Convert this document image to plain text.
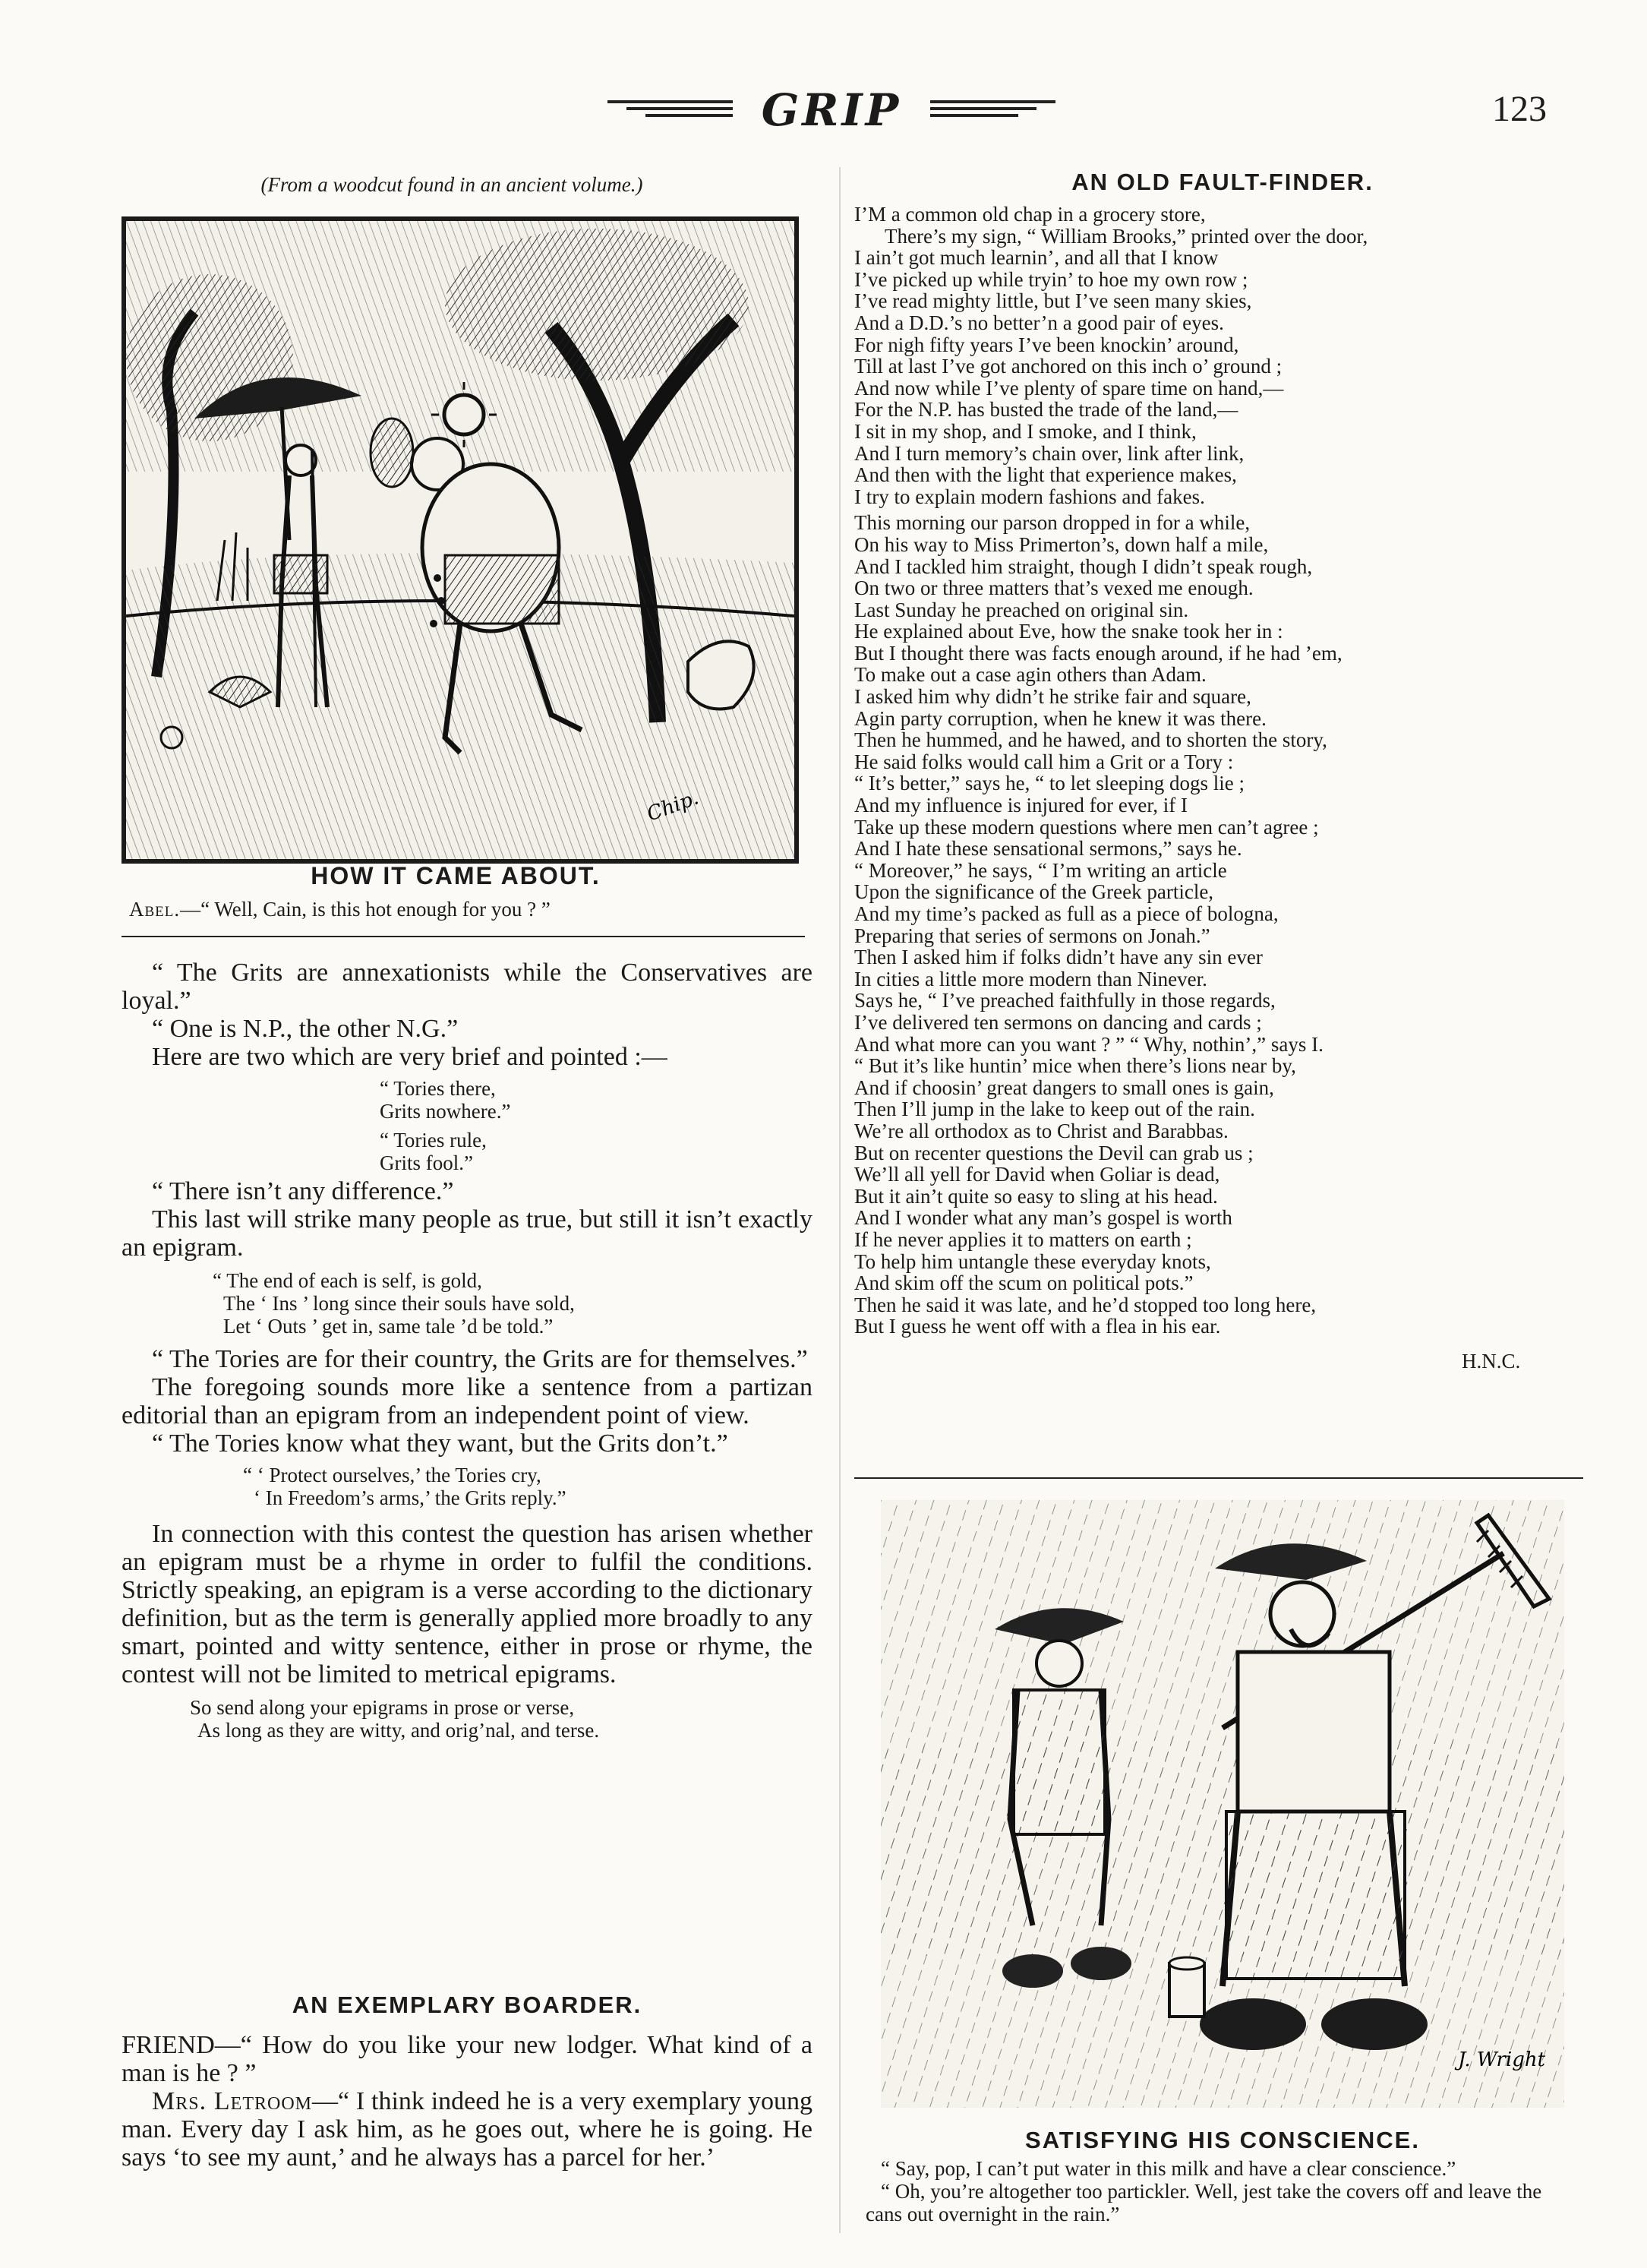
GRIP	123
(From a woodcut found in an ancient volume.)
Chip.
HOW IT CAME ABOUT.
Abel.—“ Well, Cain, is this hot enough for you ? ”
“ The Grits are annexationists while the Conservatives are loyal.”
“ One is N.P., the other N.G.”
Here are two which are very brief and pointed :—
“ Tories there,
Grits nowhere.”
“ Tories rule,
Grits fool.”
“ There isn’t any difference.”
This last will strike many people as true, but still it isn’t exactly an epigram.
“ The end of each is self, is gold,
The ‘ Ins ’ long since their souls have sold,
Let ‘ Outs ’ get in, same tale ’d be told.”
“ The Tories are for their country, the Grits are for themselves.”
The foregoing sounds more like a sentence from a partizan editorial than an epigram from an independent point of view.
“ The Tories know what they want, but the Grits don’t.”
“ ‘ Protect ourselves,’ the Tories cry,
‘ In Freedom’s arms,’ the Grits reply.”
In connection with this contest the question has arisen whether an epigram must be a rhyme in order to fulfil the conditions. Strictly speaking, an epigram is a verse according to the dictionary definition, but as the term is generally applied more broadly to any smart, pointed and witty sentence, either in prose or rhyme, the contest will not be limited to metrical epigrams.
So send along your epigrams in prose or verse,
As long as they are witty, and orig’nal, and terse.
AN EXEMPLARY BOARDER.
FRIEND—“ How do you like your new lodger. What kind of a man is he ? ”
Mrs. Letroom—“ I think indeed he is a very exemplary young man. Every day I ask him, as he goes out, where he is going. He says ‘to see my aunt,’ and he always has a parcel for her.’
AN OLD FAULT-FINDER.
I’M a common old chap in a grocery store,
There’s my sign, “ William Brooks,” printed over the door,
I ain’t got much learnin’, and all that I know
I’ve picked up while tryin’ to hoe my own row ;
I’ve read mighty little, but I’ve seen many skies,
And a D.D.’s no better’n a good pair of eyes.
For nigh fifty years I’ve been knockin’ around,
Till at last I’ve got anchored on this inch o’ ground ;
And now while I’ve plenty of spare time on hand,—
For the N.P. has busted the trade of the land,—
I sit in my shop, and I smoke, and I think,
And I turn memory’s chain over, link after link,
And then with the light that experience makes,
I try to explain modern fashions and fakes.
This morning our parson dropped in for a while,
On his way to Miss Primerton’s, down half a mile,
And I tackled him straight, though I didn’t speak rough,
On two or three matters that’s vexed me enough.
Last Sunday he preached on original sin.
He explained about Eve, how the snake took her in :
But I thought there was facts enough around, if he had ’em,
To make out a case agin others than Adam.
I asked him why didn’t he strike fair and square,
Agin party corruption, when he knew it was there.
Then he hummed, and he hawed, and to shorten the story,
He said folks would call him a Grit or a Tory :
“ It’s better,” says he, “ to let sleeping dogs lie ;
And my influence is injured for ever, if I
Take up these modern questions where men can’t agree ;
And I hate these sensational sermons,” says he.
“ Moreover,” he says, “ I’m writing an article
Upon the significance of the Greek particle,
And my time’s packed as full as a piece of bologna,
Preparing that series of sermons on Jonah.”
Then I asked him if folks didn’t have any sin ever
In cities a little more modern than Ninever.
Says he, “ I’ve preached faithfully in those regards,
I’ve delivered ten sermons on dancing and cards ;
And what more can you want ? ” “ Why, nothin’,” says I.
“ But it’s like huntin’ mice when there’s lions near by,
And if choosin’ great dangers to small ones is gain,
Then I’ll jump in the lake to keep out of the rain.
We’re all orthodox as to Christ and Barabbas.
But on recenter questions the Devil can grab us ;
We’ll all yell for David when Goliar is dead,
But it ain’t quite so easy to sling at his head.
And I wonder what any man’s gospel is worth
If he never applies it to matters on earth ;
To help him untangle these everyday knots,
And skim off the scum on political pots.”
Then he said it was late, and he’d stopped too long here,
But I guess he went off with a flea in his ear.
H.N.C.
J. Wright
SATISFYING HIS CONSCIENCE.
“ Say, pop, I can’t put water in this milk and have a clear conscience.”
“ Oh, you’re altogether too partickler. Well, jest take the covers off and leave the cans out overnight in the rain.”
